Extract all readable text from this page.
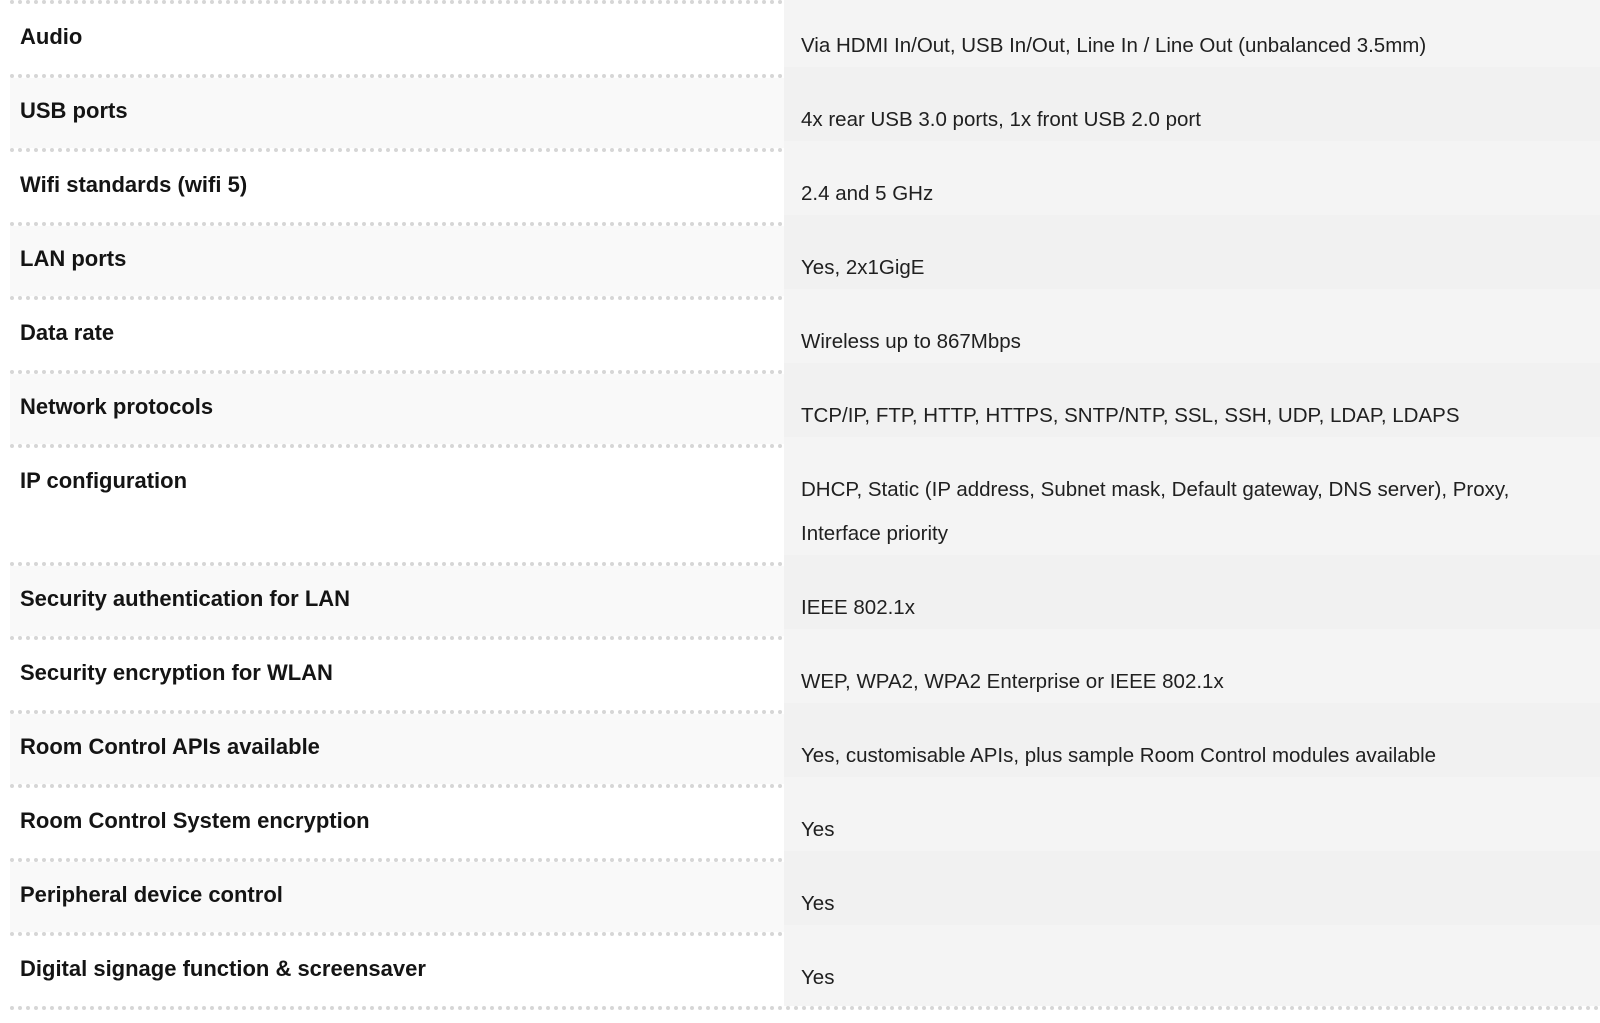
Audio	Via HDMI In/Out, USB In/Out, Line In / Line Out (unbalanced 3.5mm)
USB ports	4x rear USB 3.0 ports, 1x front USB 2.0 port
Wifi standards (wifi 5)	2.4 and 5 GHz
LAN ports	Yes, 2x1GigE
Data rate	Wireless up to 867Mbps
Network protocols	TCP/IP, FTP, HTTP, HTTPS, SNTP/NTP, SSL, SSH, UDP, LDAP, LDAPS
IP configuration	DHCP, Static (IP address, Subnet mask, Default gateway, DNS server), Proxy, Interface priority
Security authentication for LAN	IEEE 802.1x
Security encryption for WLAN	WEP, WPA2, WPA2 Enterprise or IEEE 802.1x
Room Control APIs available	Yes, customisable APIs, plus sample Room Control modules available
Room Control System encryption	Yes
Peripheral device control	Yes
Digital signage function & screensaver	Yes
